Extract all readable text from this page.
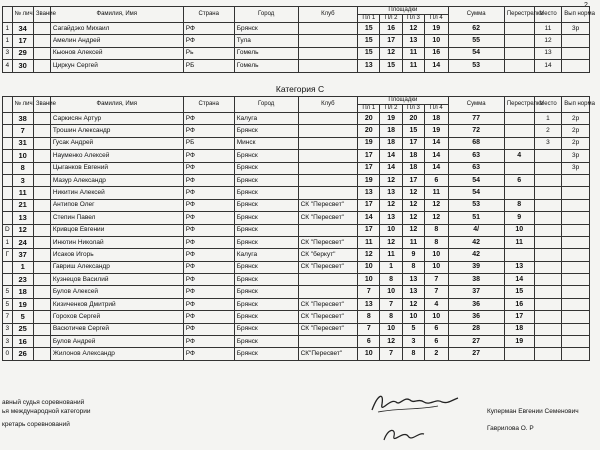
2
	№ лич.	Звание	Фамилия, Имя	Страна	Город	Клуб	Площадки				Сумма	Перестрелка	Место	Вып норма
							Пл 1	Пл 2	Пл 3	Пл 4				
1	34		Сагайдэко Михаил	РФ	Брянск		15	16	12	19	62		11	3р
1	17		Амелин Андрей	РФ	Тула		15	17	13	10	55		12	
3	29		Кьюнов Алексей	Рь	Гомель		15	12	11	16	54		13	
4	30		Циркун Сергей	РБ	Гомель		13	15	11	14	53		14	
Категория С
	№ лич.	Звание	Фамилия, Имя	Страна	Город	Клуб	Площадки				Сумма	Перестрелка	Место	Вып норма
							Пл 1	Пл 2	Пл 3	Пл 4				
	38		Саркисян Артур	РФ	Калуга		20	19	20	18	77		1	2р
	7		Трошин Александр	РФ	Брянск		20	18	15	19	72		2	2р
	31		Гусак Андрей	РБ	Минск		19	18	17	14	68		3	2р
	10		Науменко Алексей	РФ	Брянск		17	14	18	14	63	4		3р
	8		Цыганков Евгений	РФ	Брянск		17	14	18	14	63			3р
	3		Мазур Александр	РФ	Брянск		19	12	17	6	54	6		
	11		Никитин Алексей	РФ	Брянск		13	13	12	11	54			
	21		Антипов Олег	РФ	Брянск	СК "Пересвет"	17	12	12	12	53	8		
	13		Степин Павел	РФ	Брянск	СК "Пересвет"	14	13	12	12	51	9		
D	12		Кривцов Евгении	РФ	Брянск		17	10	12	8	4/	10		
1	24		Инютин Николай	РФ	Брянск	СК "Пересвет"	11	12	11	8	42	11		
Г	37		Исаков Игорь	РФ	Калуга	СК "беркут"	12	11	9	10	42			
	1		Гавриш Александр	РФ	Брянск	СК "Пересвет"	10	1	8	10	39	13		
	23		Кузнецов Василий	РФ	Брянск		10	8	13	7	38	14		
5	18		Булов Алексей	РФ	Брянск		7	10	13	7	37	15		
5	19		Кизиченков Дмитрий	РФ	Брянск	СК "Пересвет"	13	7	12	4	36	16		
7	5		Горохов Сергей	РФ	Брянск	СК "Пересвет"	8	8	10	10	36	17		
3	25		Васютичев Сергей	РФ	Брянск	СК "Пересвет"	7	10	5	6	28	18		
3	16		Булов Андрей	РФ	Брянск		6	12	3	6	27	19		
0	26		Жилонов Александр	РФ	Брянск	СК"Пересвет"	10	7	8	2	27			
авный судья соревнований
ья международной категории
кретарь соревнований
Куперман Евгении Семенович
Гаврилова О. Р
